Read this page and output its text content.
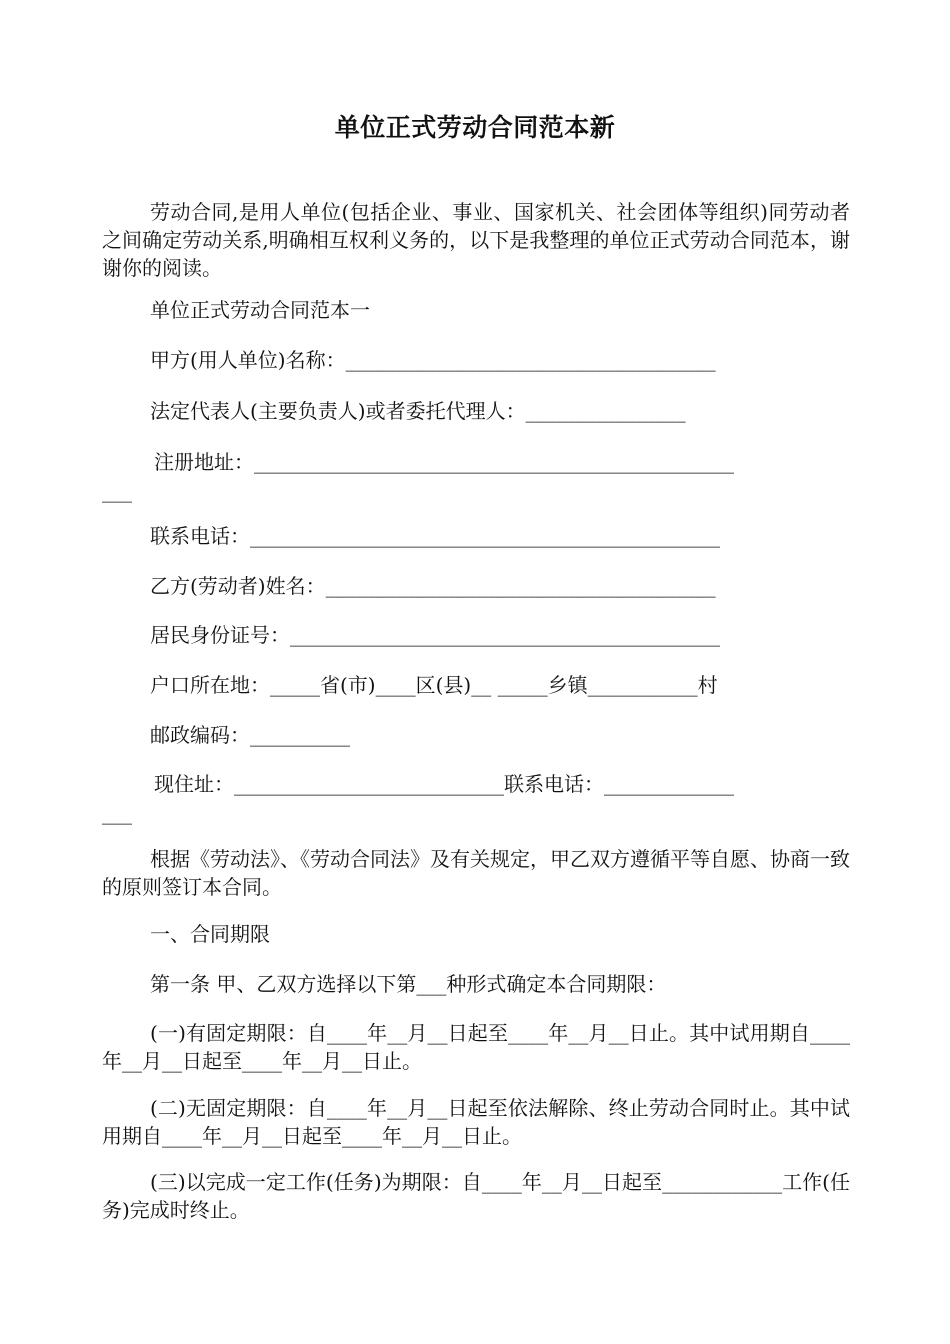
单位正式劳动合同范本新

劳动合同,是用人单位(包括企业、事业、国家机关、社会团体等组织)同劳动者之间确定劳动关系,明确相互权利义务的，以下是我整理的单位正式劳动合同范本，谢谢你的阅读。

单位正式劳动合同范本一

甲方(用人单位)名称：_____________________________________

法定代表人(主要负责人)或者委托代理人：________________

注册地址：________________________________________________

___

联系电话：_______________________________________________

乙方(劳动者)姓名：_______________________________________

居民身份证号：___________________________________________

户口所在地：_____省(市)____区(县)__ _____乡镇___________村

邮政编码：__________

现住址：___________________________联系电话：_____________

___

根据《劳动法》、《劳动合同法》及有关规定，甲乙双方遵循平等自愿、协商一致的原则签订本合同。

一、合同期限

第一条 甲、乙双方选择以下第___种形式确定本合同期限：

(一)有固定期限：自____年__月__日起至____年__月__日止。其中试用期自____年__月__日起至____年__月__日止。

(二)无固定期限：自____年__月__日起至依法解除、终止劳动合同时止。其中试用期自____年__月__日起至____年__月__日止。

(三)以完成一定工作(任务)为期限：自____年__月__日起至____________工作(任务)完成时终止。
